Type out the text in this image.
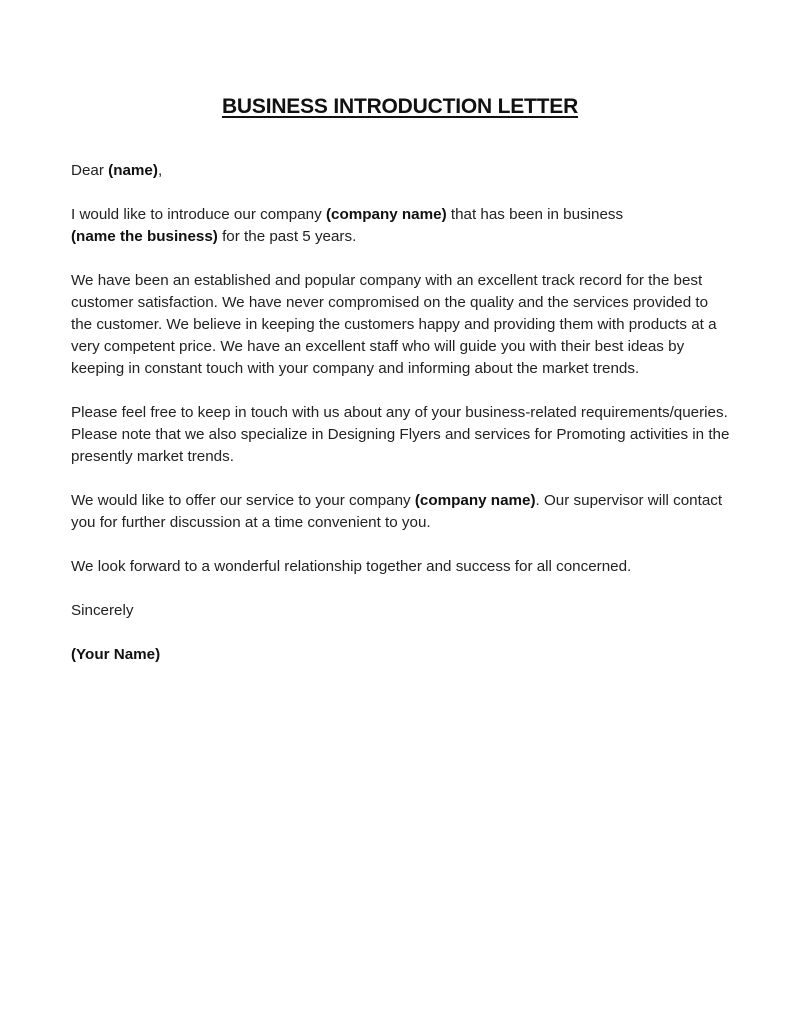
BUSINESS INTRODUCTION LETTER

Dear (name),

I would like to introduce our company (company name) that has been in business
(name the business) for the past 5 years.

We have been an established and popular company with an excellent track record for the best customer satisfaction. We have never compromised on the quality and the services provided to the customer. We believe in keeping the customers happy and providing them with products at a very competent price. We have an excellent staff who will guide you with their best ideas by keeping in constant touch with your company and informing about the market trends.

Please feel free to keep in touch with us about any of your business-related requirements/queries. Please note that we also specialize in Designing Flyers and services for Promoting activities in the presently market trends.

We would like to offer our service to your company (company name). Our supervisor will contact you for further discussion at a time convenient to you.

We look forward to a wonderful relationship together and success for all concerned.

Sincerely

(Your Name)
